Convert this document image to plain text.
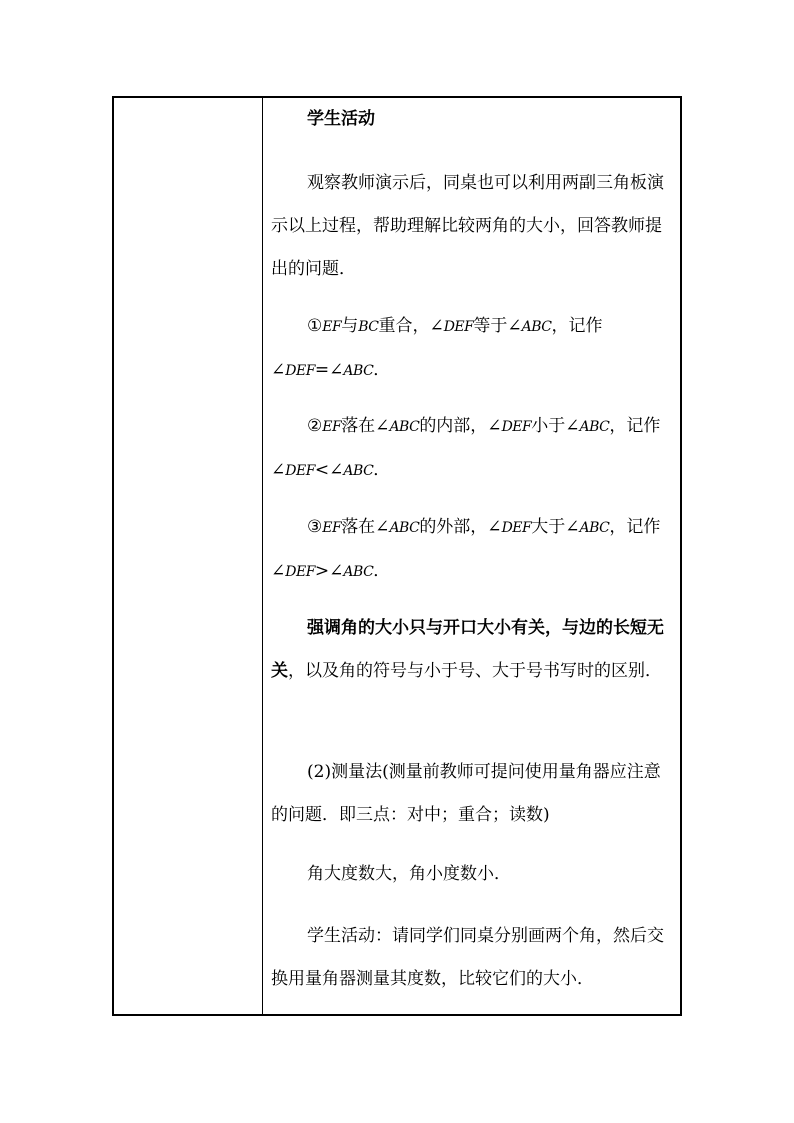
学生活动

观察教师演示后，同桌也可以利用两副三角板演示以上过程，帮助理解比较两角的大小，回答教师提出的问题．

①EF与BC重合，∠DEF等于∠ABC，记作∠DEF=∠ABC．

②EF落在∠ABC的内部，∠DEF小于∠ABC，记作∠DEF<∠ABC．

③EF落在∠ABC的外部，∠DEF大于∠ABC，记作∠DEF>∠ABC．

强调角的大小只与开口大小有关，与边的长短无关，以及角的符号与小于号、大于号书写时的区别．

(2)测量法(测量前教师可提问使用量角器应注意的问题．即三点：对中；重合；读数)

角大度数大，角小度数小．

学生活动：请同学们同桌分别画两个角，然后交换用量角器测量其度数，比较它们的大小．
